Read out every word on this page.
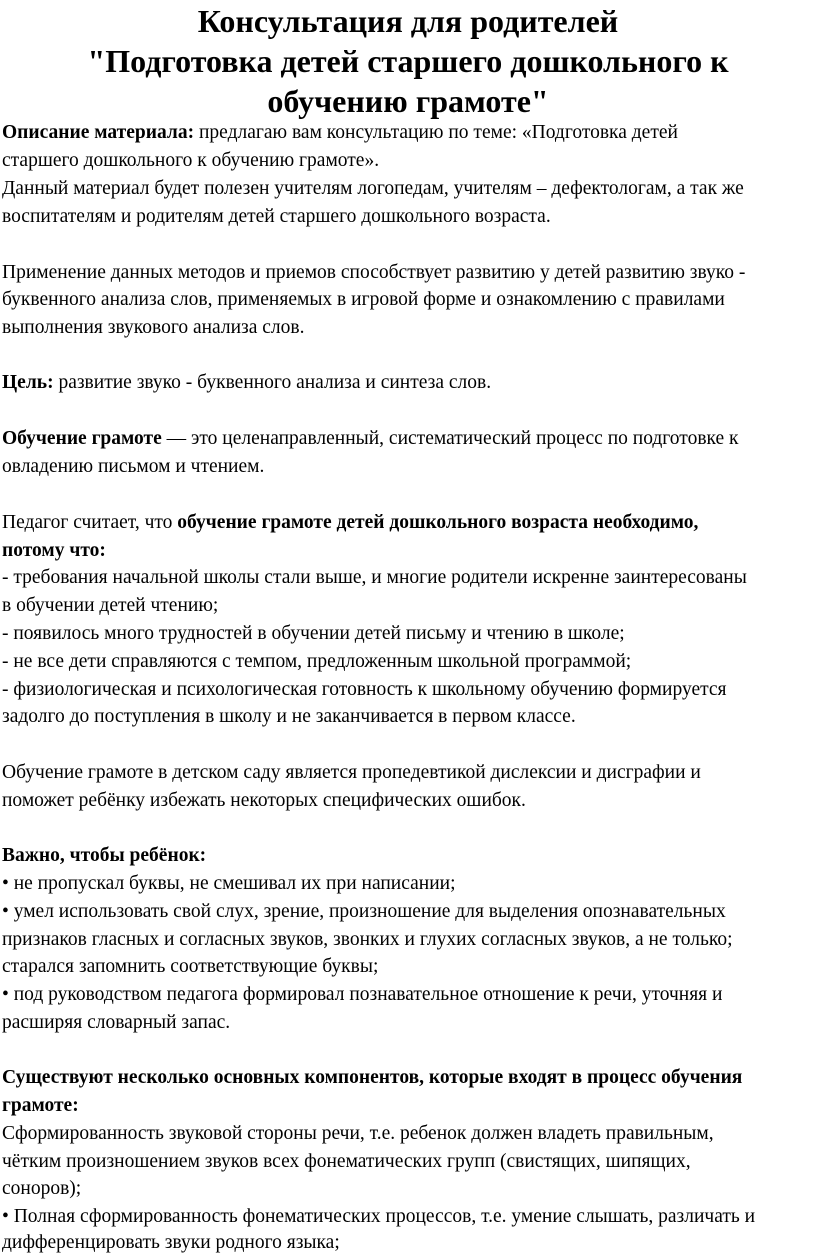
Консультация для родителей

"Подготовка детей старшего дошкольного к

обучению грамоте"

Описание материала: предлагаю вам консультацию по теме: «Подготовка детей

старшего дошкольного к обучению грамоте».

Данный материал будет полезен учителям логопедам, учителям – дефектологам, а так же

воспитателям и родителям детей старшего дошкольного возраста.

Применение данных методов и приемов способствует развитию у детей развитию звуко -

буквенного анализа слов, применяемых в игровой форме и ознакомлению с правилами

выполнения звукового анализа слов.

Цель: развитие звуко - буквенного анализа и синтеза слов.

Обучение грамоте — это целенаправленный, систематический процесс по подготовке к

овладению письмом и чтением.

Педагог считает, что обучение грамоте детей дошкольного возраста необходимо,

потому что:

- требования начальной школы стали выше, и многие родители искренне заинтересованы

в обучении детей чтению;

- появилось много трудностей в обучении детей письму и чтению в школе;

- не все дети справляются с темпом, предложенным школьной программой;

- физиологическая и психологическая готовность к школьному обучению формируется

задолго до поступления в школу и не заканчивается в первом классе.

Обучение грамоте в детском саду является пропедевтикой дислексии и дисграфии и

поможет ребёнку избежать некоторых специфических ошибок.

Важно, чтобы ребёнок:

• не пропускал буквы, не смешивал их при написании;

• умел использовать свой слух, зрение, произношение для выделения опознавательных

признаков гласных и согласных звуков, звонких и глухих согласных звуков, а не только;

старался запомнить соответствующие буквы;

• под руководством педагога формировал познавательное отношение к речи, уточняя и

расширяя словарный запас.

Существуют несколько основных компонентов, которые входят в процесс обучения

грамоте:

Сформированность звуковой стороны речи, т.е. ребенок должен владеть правильным,

чётким произношением звуков всех фонематических групп (свистящих, шипящих,

соноров);

• Полная сформированность фонематических процессов, т.е. умение слышать, различать и

дифференцировать звуки родного языка;
